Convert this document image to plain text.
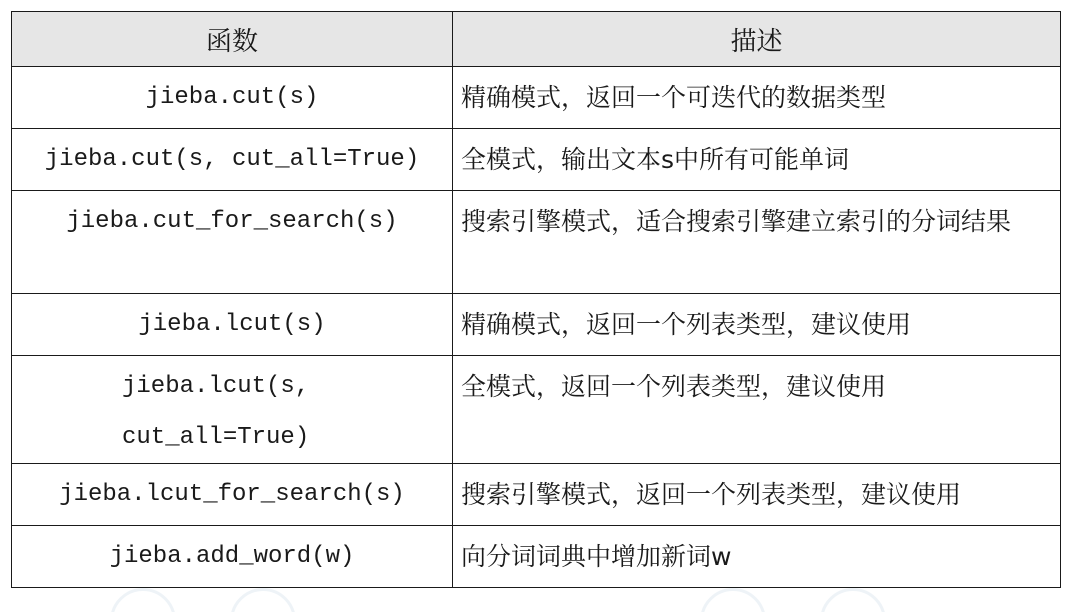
函数	描述
jieba.cut(s)	精确模式，返回一个可迭代的数据类型
jieba.cut(s, cut_all=True)	全模式，输出文本s中所有可能单词
jieba.cut_for_search(s)	搜索引擎模式，适合搜索引擎建立索引的分词结果
jieba.lcut(s)	精确模式，返回一个列表类型，建议使用
jieba.lcut(s, cut_all=True)	全模式，返回一个列表类型，建议使用
jieba.lcut_for_search(s)	搜索引擎模式，返回一个列表类型，建议使用
jieba.add_word(w)	向分词词典中增加新词w
